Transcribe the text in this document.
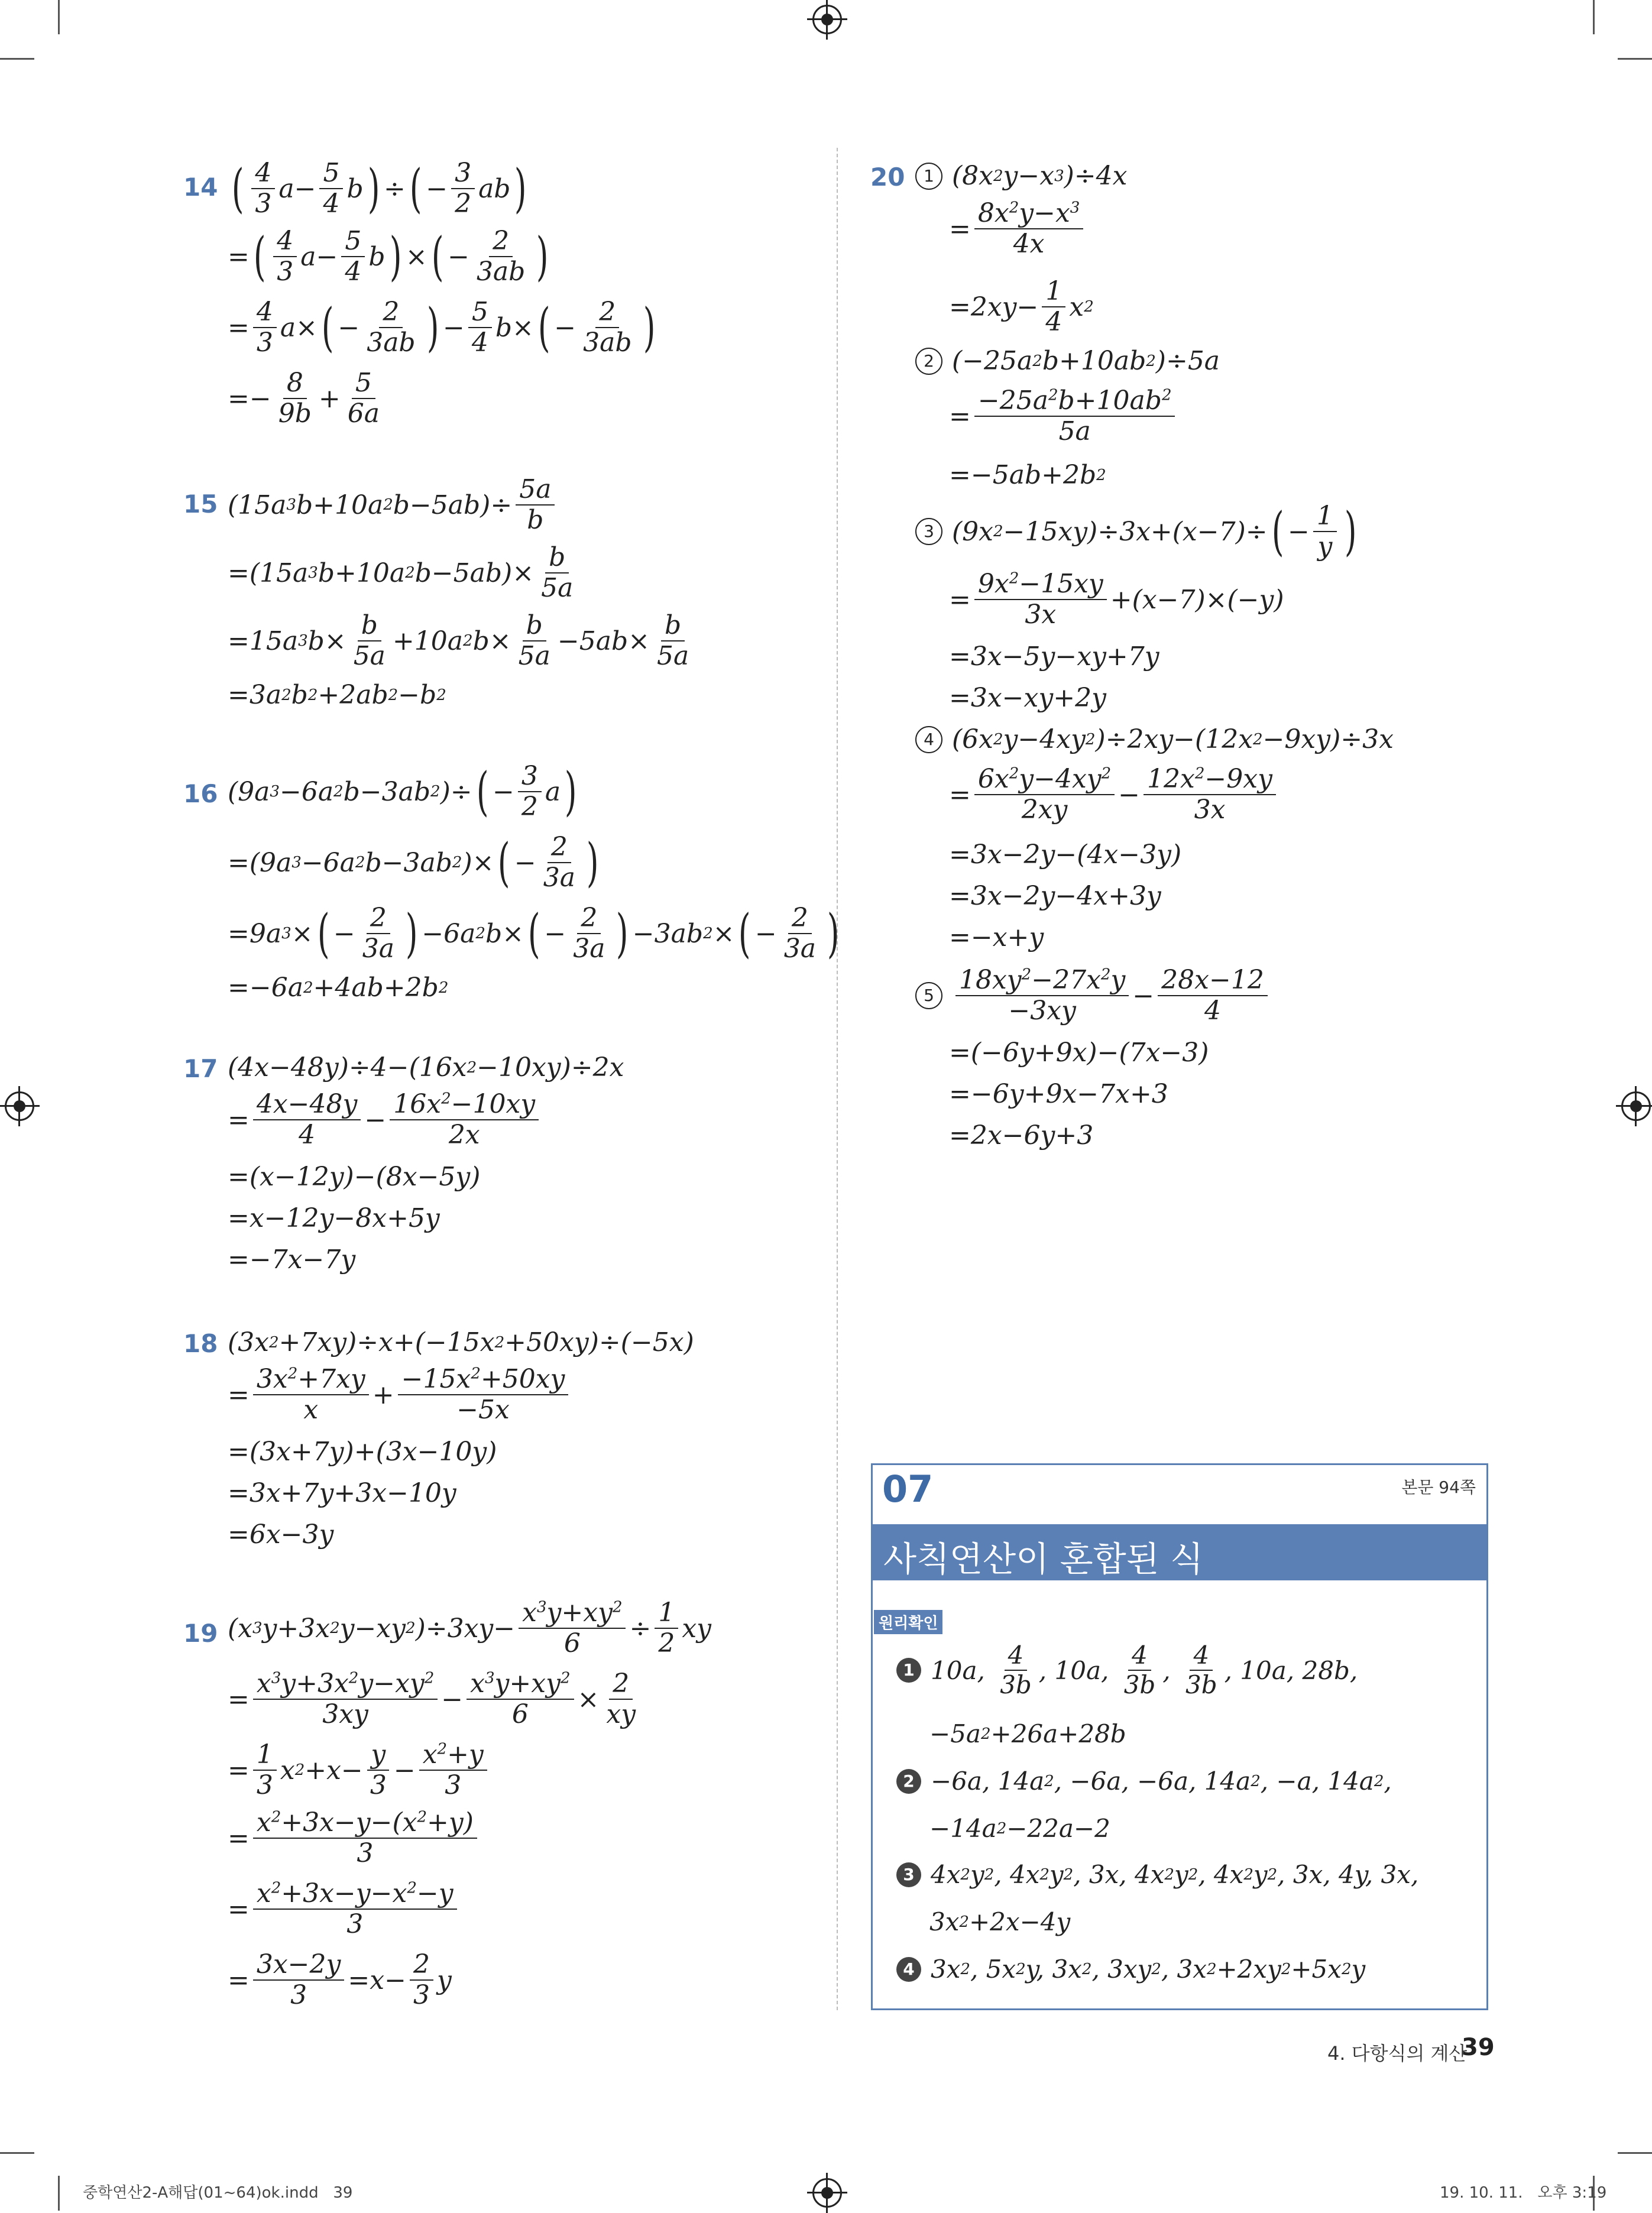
14 ( $\frac{4}{3} a- \frac{5}{4}$ b ) ÷ ( − $\frac{3}{2}$ ab )
= ( $\frac{4}{3} a- \frac{5}{4}$ b ) × ( − $\frac{2}{3ab}$ )
= $\frac{4}{3} a\times$ ( − $\frac{2}{3ab}$ ) − $\frac{5}{4} b\times$ ( − $\frac{2}{3ab}$ )
=− $\frac{8}{9b} + \frac{5}{6a}$
15 (15a 3 b+10a 2 $b-5ab)\div \frac{5a}{b}$
=(15a 3 b+10a 2 $b-5ab)\times \frac{b}{5a}$
=15a 3 $b\times \frac{b}{5a} +10a$ 2 $b\times \frac{b}{5a} -5ab\times \frac{b}{5a}$
=3a 2 b 2 +2ab 2 −b 2
16 (9a 3 −6a 2 b−3ab 2 )÷ ( − $\frac{3}{2}$ a )
=(9a 3 −6a 2 b−3ab 2 )× ( − $\frac{2}{3a}$ )
=9a 3 × ( − $\frac{2}{3a}$ ) −6a 2 b× ( − $\frac{2}{3a}$ ) −3ab 2 × ( − $\frac{2}{3a}$ )
=−6a 2 +4ab+2b 2
17 (4x−48y)÷4−(16x 2 −10xy)÷2x
= $\frac{4x-48y}{4} - \frac{16x^2-10xy}{2x}$
=(x−12y)−(8x−5y)
=x−12y−8x+5y
=−7x−7y
18 (3x 2 +7xy)÷x+(−15x 2 +50xy)÷(−5x)
= $\frac{3x^2+7xy}{x} + \frac{-15x^2+50xy}{-5x}$
=(3x+7y)+(3x−10y)
=3x+7y+3x−10y
=6x−3y
19 (x 3 y+3x 2 y−xy 2 )$\div 3xy- \frac{x^3y+xy^2}{6} \div \frac{1}{2}$ xy
= $\frac{x^3y+3x^2y-xy^2}{3xy} - \frac{x^3y+xy^2}{6} \times \frac{2}{xy}$
= $\frac{1}{3}$ x $2 +x- \frac{y}{3} - \frac{x^2+y}{3}$
= $\frac{x^2+3x-y-(x^2+y)}{3}$
= $\frac{x^2+3x-y-x^2-y}{3}$
= $\frac{3x-2y}{3} =x- \frac{2}{3}$ y
20	1 (8x 2 y−x 3 )÷4x
= $\frac{8x^2y-x^3}{4x}$
$=2xy- \frac{1}{4}$ x 2
2 (−25a 2 b+10ab 2 )÷5a
= $\frac{-25a^2b+10ab^2}{5a}$
=−5ab+2b 2
3 (9x 2 −15xy)÷3x+(x−7)÷ ( − $\frac{1}{y}$ )
= $\frac{9x^2-15xy}{3x} +(x-7)\times(-y)$
=3x−5y−xy+7y
=3x−xy+2y
4 (6x 2 y−4xy 2 )÷2xy−(12x 2 −9xy)÷3x
= $\frac{6x^2y-4xy^2}{2xy} - \frac{12x^2-9xy}{3x}$
=3x−2y−(4x−3y)
=3x−2y−4x+3y
=−x+y
$5 \frac{18xy^2-27x^2y}{-3xy} - \frac{28x-12}{4}$
=(−6y+9x)−(7x−3)
=−6y+9x−7x+3
=2x−6y+3
07	본문 94쪽
사칙연산이 혼합된 식
원리확인
1 10a, $\frac{4}{3b}$ , 10a, $\frac{4}{3b}$ , $\frac{4}{3b}$ , 10a, 28b,
−5a 2 +26a+28b
2 −6a, 14a 2 , −6a, −6a, 14a 2 , −a, 14a 2 ,
−14a 2 −22a−2
3 4x 2 y 2 , 4x 2 y 2 , 3x, 4x 2 y 2 , 4x 2 y 2 , 3x, 4y, 3x,
3x 2 +2x−4y
4 3x 2 , 5x 2 y, 3x 2 , 3xy 2 , 3x 2 +2xy 2 +5x 2 y
4. 다항식의 계산
39
중학연산2-A해답(01~64)ok.indd   39	19. 10. 11.   오후 3:19
